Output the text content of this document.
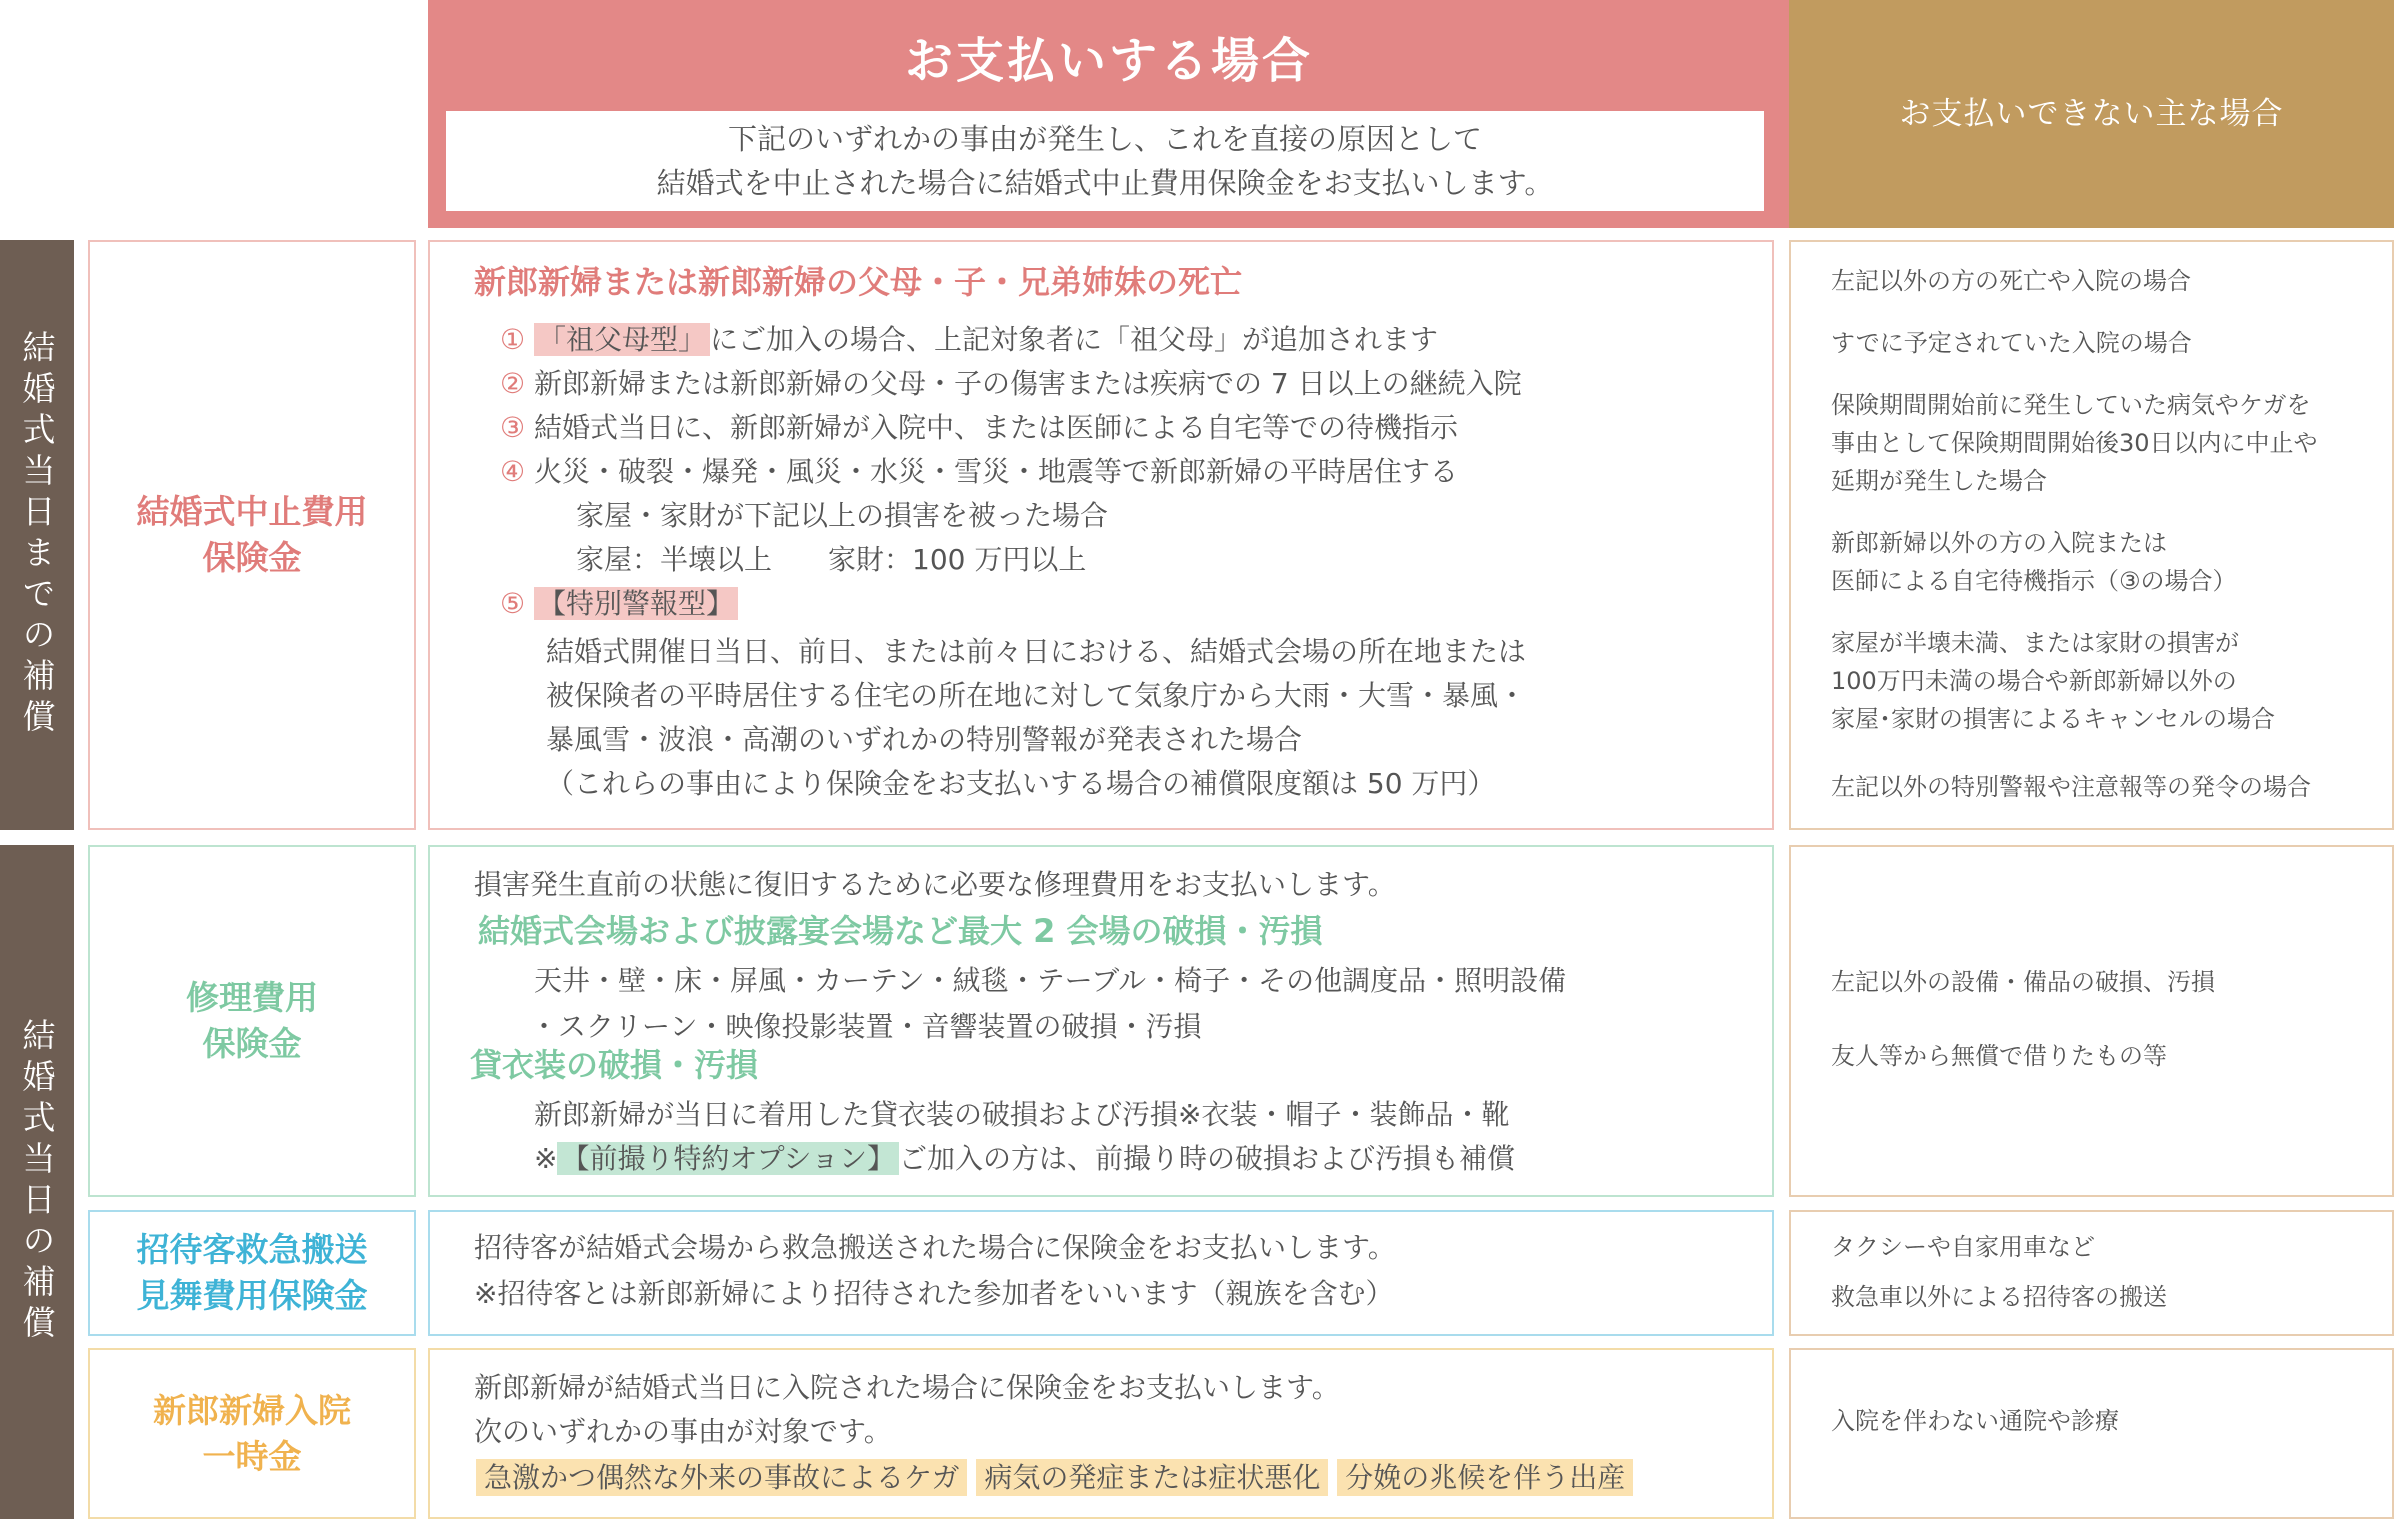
お支払いする場合
下記のいずれかの事由が発生し、これを直接の原因として
結婚式を中止された場合に結婚式中止費用保険金をお支払いします。
お支払いできない主な場合
結婚式当日までの補償
結婚式当日の補償
結婚式中止費用
保険金
新郎新婦または新郎新婦の父母・子・兄弟姉妹の死亡
① 「祖父母型」 にご加入の場合、上記対象者に「祖父母」が追加されます
② 新郎新婦または新郎新婦の父母・子の傷害または疾病での 7 日以上の継続入院
③ 結婚式当日に、新郎新婦が入院中、または医師による自宅等での待機指示
④ 火災・破裂・爆発・風災・水災・雪災・地震等で新郎新婦の平時居住する
家屋・家財が下記以上の損害を被った場合
家屋：半壊以上　　家財：100 万円以上
⑤ 【特別警報型】
結婚式開催日当日、前日、または前々日における、結婚式会場の所在地または
被保険者の平時居住する住宅の所在地に対して気象庁から大雨・大雪・暴風・
暴風雪・波浪・高潮のいずれかの特別警報が発表された場合
（これらの事由により保険金をお支払いする場合の補償限度額は 50 万円）
左記以外の方の死亡や入院の場合
すでに予定されていた入院の場合
保険期間開始前に発生していた病気やケガを
事由として保険期間開始後30日以内に中止や
延期が発生した場合
新郎新婦以外の方の入院または
医師による自宅待機指示（③の場合）
家屋が半壊未満、または家財の損害が
100万円未満の場合や新郎新婦以外の
家屋･家財の損害によるキャンセルの場合
左記以外の特別警報や注意報等の発令の場合
修理費用
保険金
損害発生直前の状態に復旧するために必要な修理費用をお支払いします。
結婚式会場および披露宴会場など最大 2 会場の破損・汚損
天井・壁・床・屏風・カーテン・絨毯・テーブル・椅子・その他調度品・照明設備
・スクリーン・映像投影装置・音響装置の破損・汚損
貸衣装の破損・汚損
新郎新婦が当日に着用した貸衣装の破損および汚損※衣装・帽子・装飾品・靴
※ 【前撮り特約オプション】 ご加入の方は、前撮り時の破損および汚損も補償
左記以外の設備・備品の破損、汚損
友人等から無償で借りたもの等
招待客救急搬送
見舞費用保険金
招待客が結婚式会場から救急搬送された場合に保険金をお支払いします。
※招待客とは新郎新婦により招待された参加者をいいます（親族を含む）
タクシーや自家用車など
救急車以外による招待客の搬送
新郎新婦入院
一時金
新郎新婦が結婚式当日に入院された場合に保険金をお支払いします。
次のいずれかの事由が対象です。
急激かつ偶然な外来の事故によるケガ 病気の発症または症状悪化 分娩の兆候を伴う出産
入院を伴わない通院や診療
